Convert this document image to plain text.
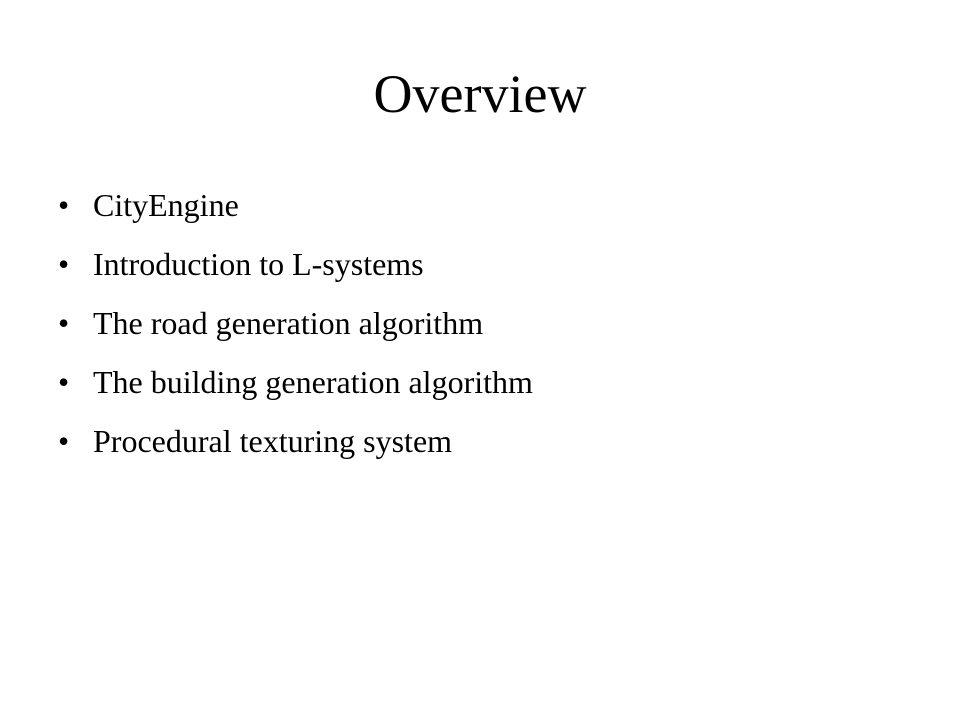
Overview
• CityEngine
• Introduction to L-systems
• The road generation algorithm
• The building generation algorithm
• Procedural texturing system
